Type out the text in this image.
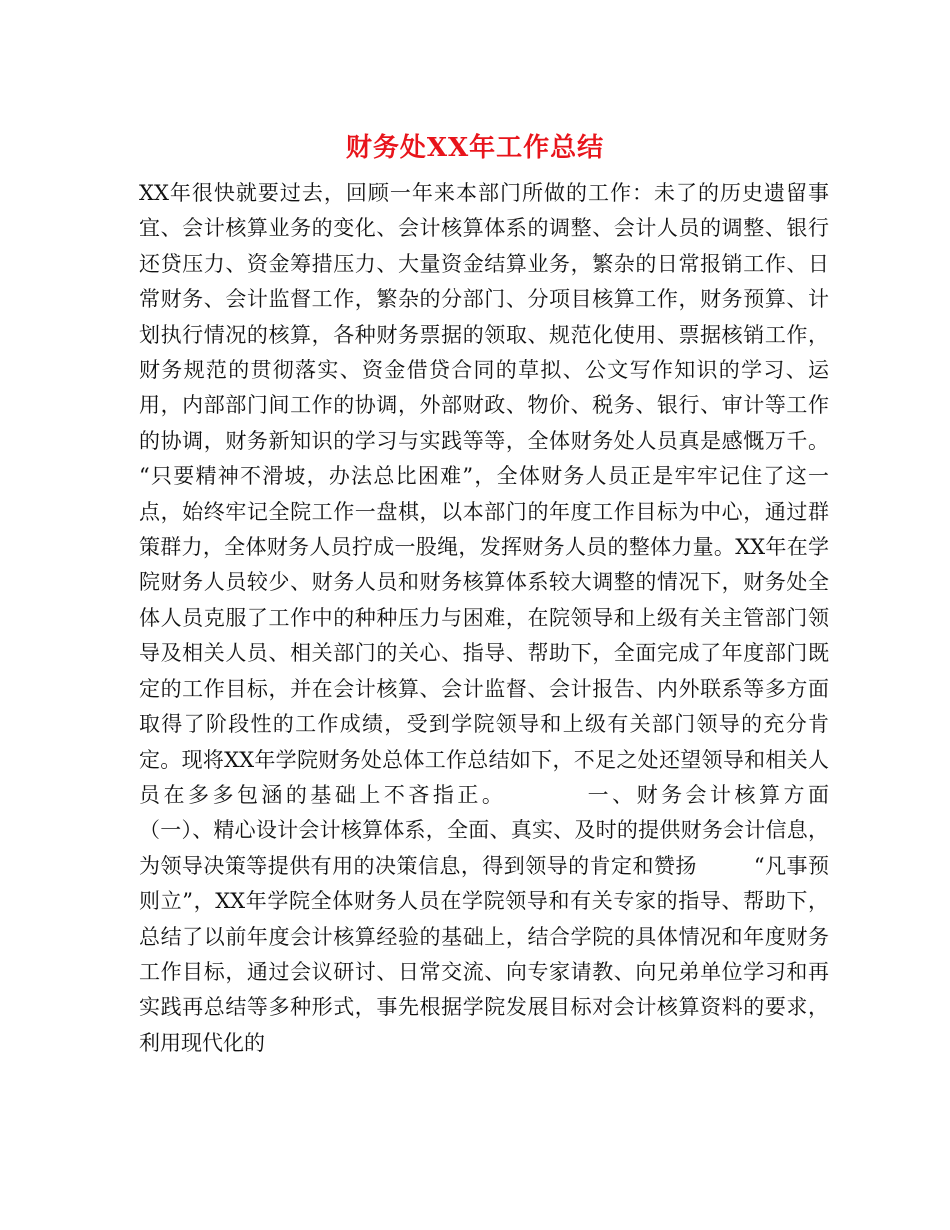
财务处XX年工作总结

XX年很快就要过去，回顾一年来本部门所做的工作：未了的历史遗留事宜、会计核算业务的变化、会计核算体系的调整、会计人员的调整、银行还贷压力、资金筹措压力、大量资金结算业务，繁杂的日常报销工作、日常财务、会计监督工作，繁杂的分部门、分项目核算工作，财务预算、计划执行情况的核算，各种财务票据的领取、规范化使用、票据核销工作，财务规范的贯彻落实、资金借贷合同的草拟、公文写作知识的学习、运用，内部部门间工作的协调，外部财政、物价、税务、银行、审计等工作的协调，财务新知识的学习与实践等等，全体财务处人员真是感慨万千。        “只要精神不滑坡，办法总比困难”，全体财务人员正是牢牢记住了这一点，始终牢记全院工作一盘棋，以本部门的年度工作目标为中心，通过群策群力，全体财务人员拧成一股绳，发挥财务人员的整体力量。XX年在学院财务人员较少、财务人员和财务核算体系较大调整的情况下，财务处全体人员克服了工作中的种种压力与困难，在院领导和上级有关主管部门领导及相关人员、相关部门的关心、指导、帮助下，全面完成了年度部门既定的工作目标，并在会计核算、会计监督、会计报告、内外联系等多方面取得了阶段性的工作成绩，受到学院领导和上级有关部门领导的充分肯定。现将XX年学院财务处总体工作总结如下，不足之处还望领导和相关人员在多多包涵的基础上不吝指正。        一、财务会计核算方面        （一）、精心设计会计核算体系，全面、真实、及时的提供财务会计信息，为领导决策等提供有用的决策信息，得到领导的肯定和赞扬        “凡事预则立”，XX年学院全体财务人员在学院领导和有关专家的指导、帮助下，总结了以前年度会计核算经验的基础上，结合学院的具体情况和年度财务工作目标，通过会议研讨、日常交流、向专家请教、向兄弟单位学习和再实践再总结等多种形式，事先根据学院发展目标对会计核算资料的要求，利用现代化的
